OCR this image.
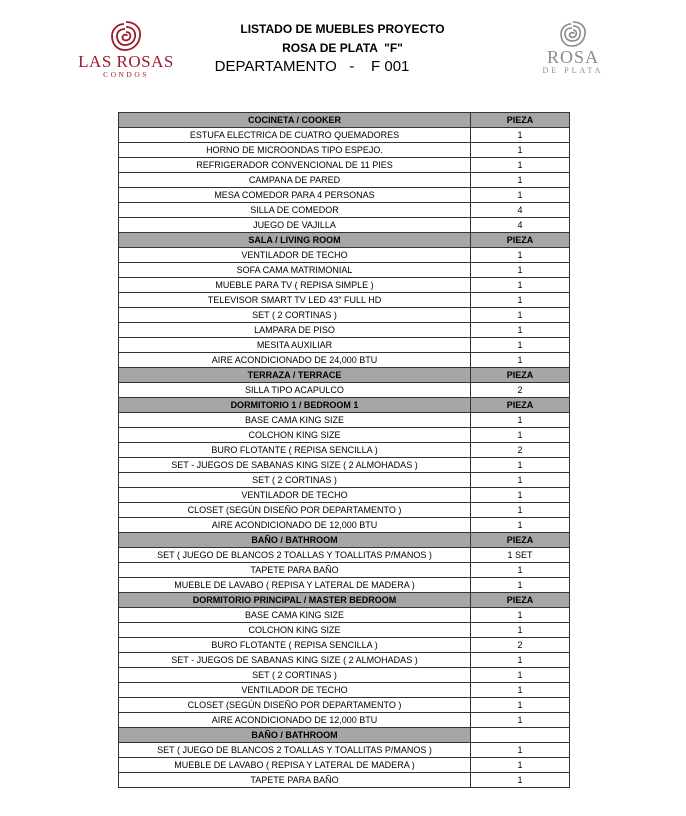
LAS ROSAS
CONDOS
LISTADO DE MUEBLES PROYECTO
ROSA DE PLATA  "F"
DEPARTAMENTO   -    F 001	ROSA
DE PLATA
COCINETA / COOKER	PIEZA
ESTUFA ELECTRICA DE CUATRO QUEMADORES	1
HORNO DE MICROONDAS TIPO ESPEJO.	1
REFRIGERADOR CONVENCIONAL DE 11 PIES	1
CAMPANA DE PARED	1
MESA COMEDOR PARA 4 PERSONAS	1
SILLA DE COMEDOR	4
JUEGO DE VAJILLA	4
SALA / LIVING ROOM	PIEZA
VENTILADOR DE TECHO	1
SOFA CAMA MATRIMONIAL	1
MUEBLE PARA TV ( REPISA SIMPLE )	1
TELEVISOR SMART TV LED 43" FULL HD	1
SET ( 2 CORTINAS )	1
LAMPARA DE PISO	1
MESITA AUXILIAR	1
AIRE ACONDICIONADO DE 24,000 BTU	1
TERRAZA / TERRACE	PIEZA
SILLA TIPO ACAPULCO	2
DORMITORIO 1 / BEDROOM 1	PIEZA
BASE CAMA KING SIZE	1
COLCHON KING SIZE	1
BURO FLOTANTE ( REPISA SENCILLA )	2
SET - JUEGOS DE SABANAS KING SIZE ( 2 ALMOHADAS )	1
SET ( 2 CORTINAS )	1
VENTILADOR DE TECHO	1
CLOSET (SEGÚN DISEÑO POR DEPARTAMENTO )	1
AIRE ACONDICIONADO DE 12,000 BTU	1
BAÑO / BATHROOM	PIEZA
SET ( JUEGO DE BLANCOS 2 TOALLAS Y TOALLITAS P/MANOS )	1 SET
TAPETE PARA BAÑO	1
MUEBLE DE LAVABO ( REPISA Y LATERAL DE MADERA )	1
DORMITORIO PRINCIPAL / MASTER BEDROOM	PIEZA
BASE CAMA KING SIZE	1
COLCHON KING SIZE	1
BURO FLOTANTE ( REPISA SENCILLA )	2
SET - JUEGOS DE SABANAS KING SIZE ( 2 ALMOHADAS )	1
SET ( 2 CORTINAS )	1
VENTILADOR DE TECHO	1
CLOSET (SEGÚN DISEÑO POR DEPARTAMENTO )	1
AIRE ACONDICIONADO DE 12,000 BTU	1
BAÑO / BATHROOM	
SET ( JUEGO DE BLANCOS 2 TOALLAS Y TOALLITAS P/MANOS )	1
MUEBLE DE LAVABO ( REPISA Y LATERAL DE MADERA )	1
TAPETE PARA BAÑO	1
